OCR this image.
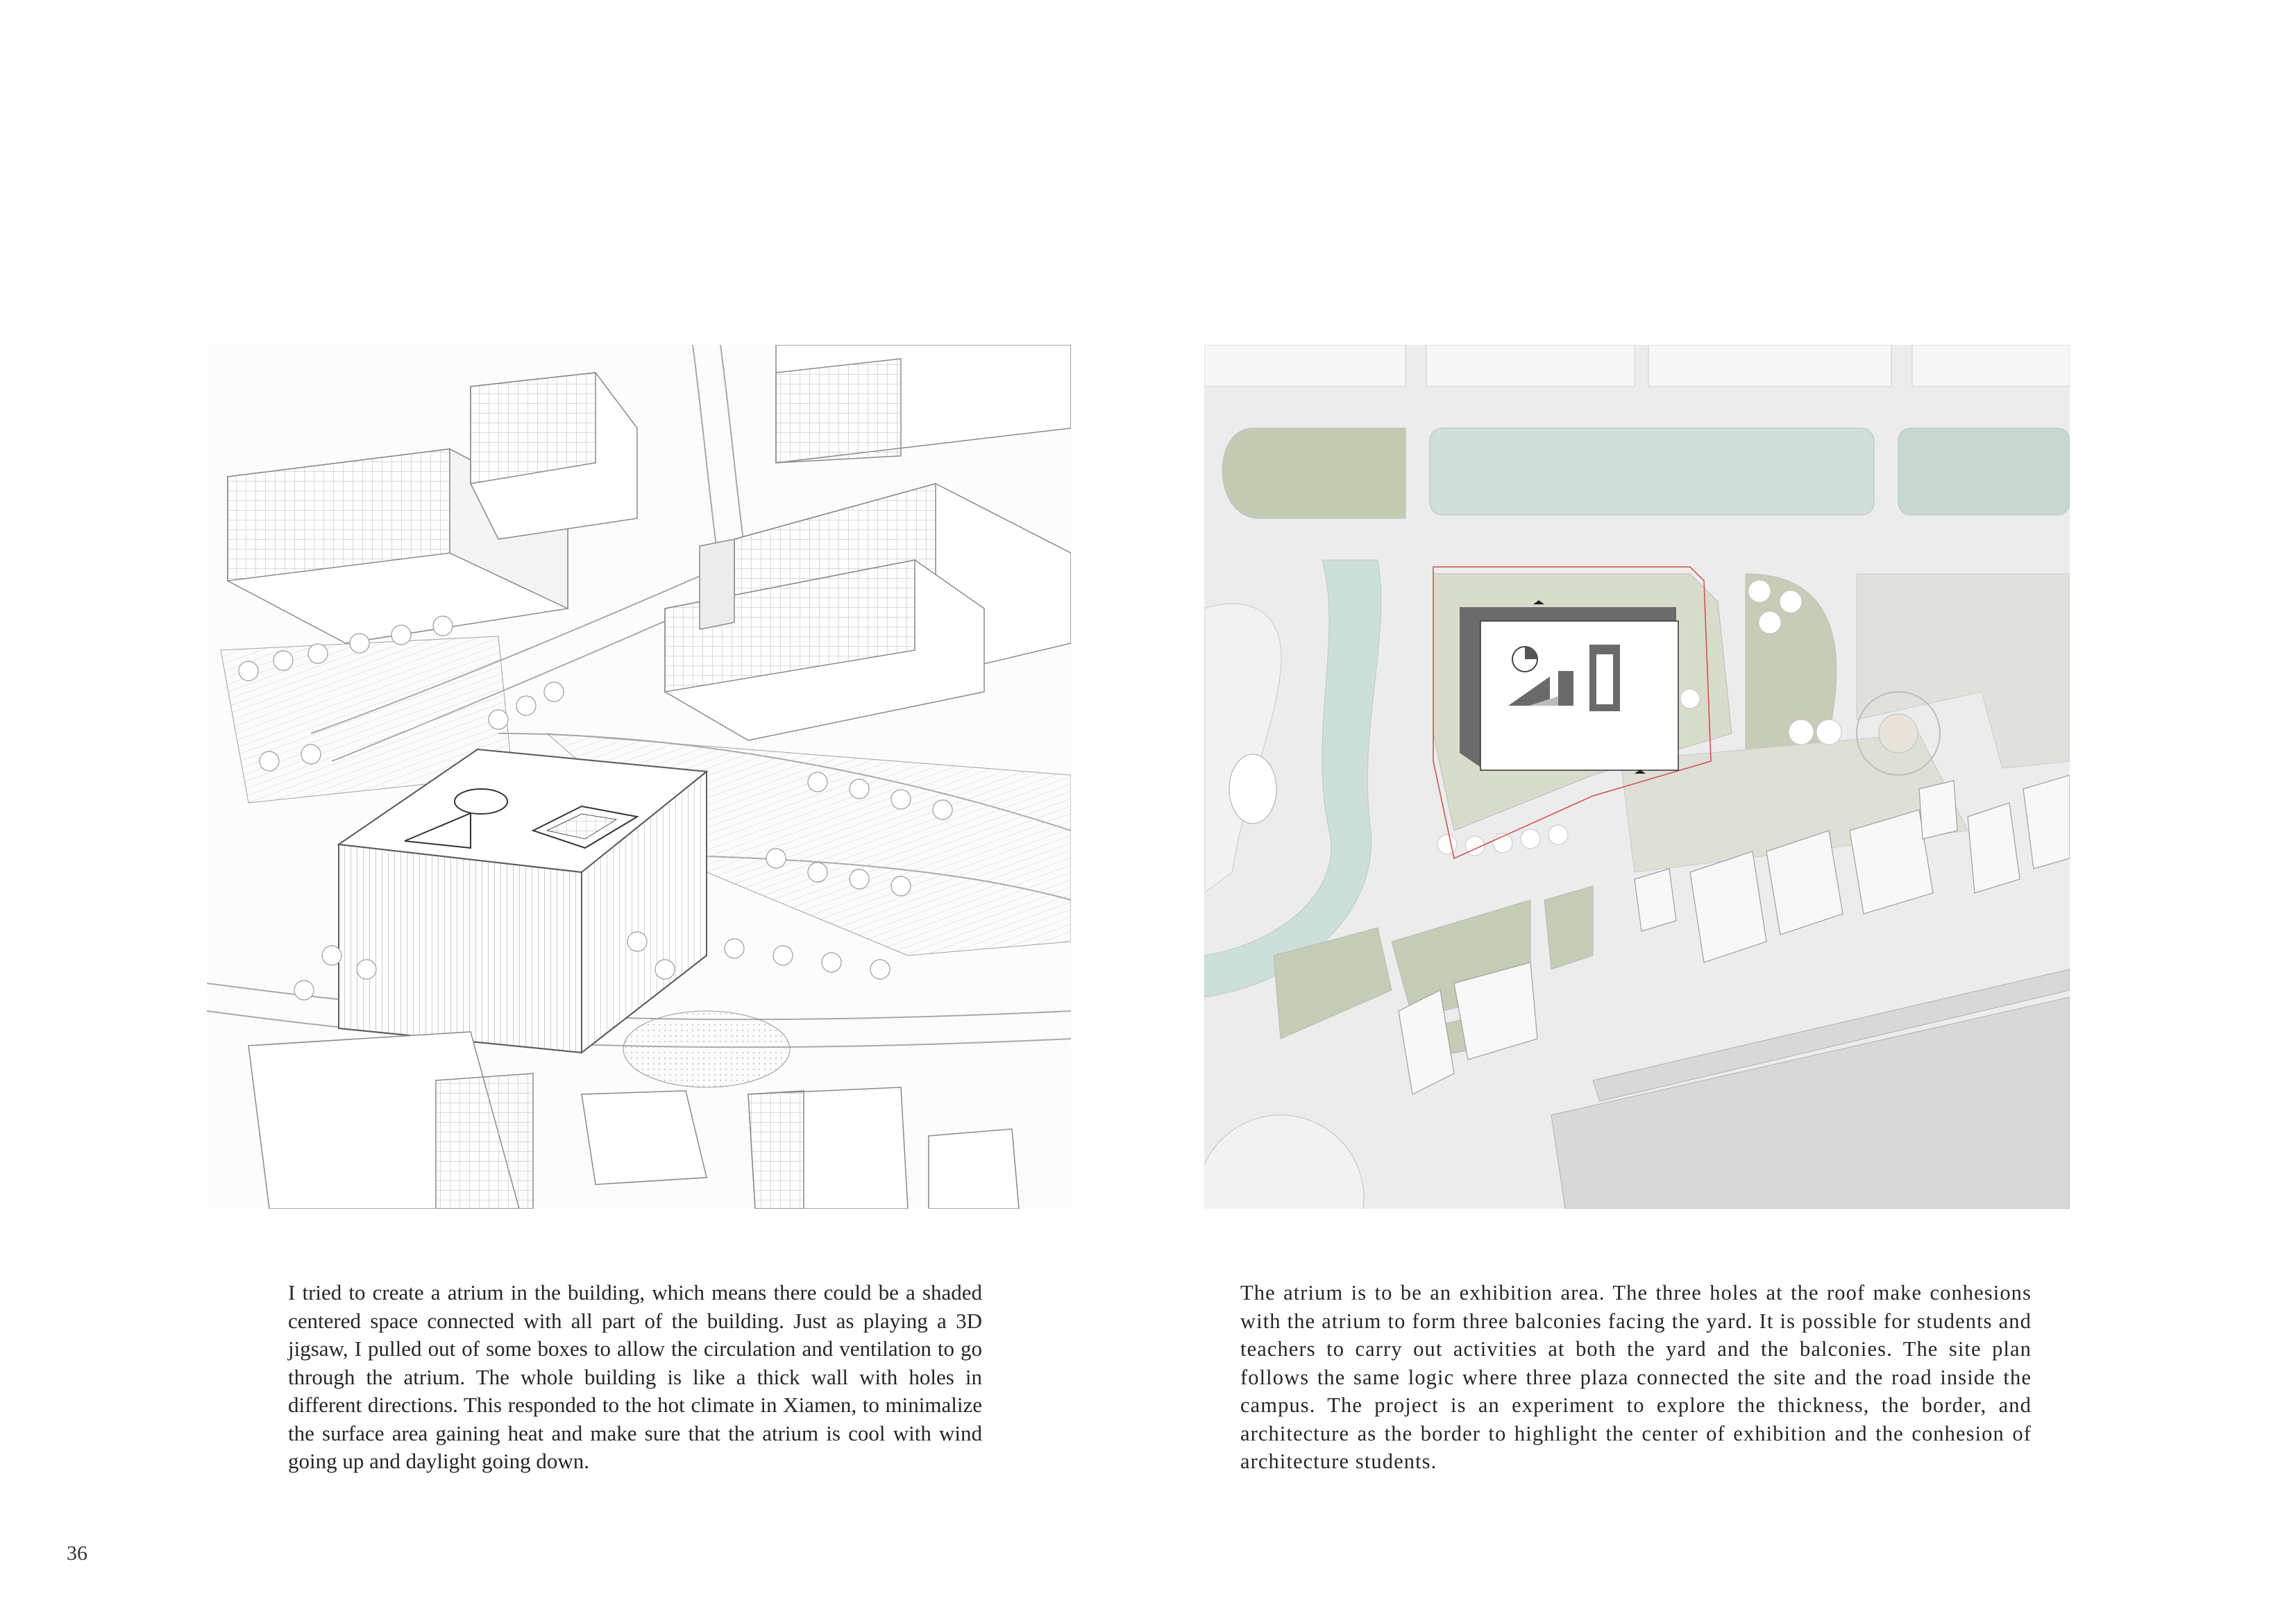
I tried to create a atrium in the building, which means there could be a shaded centered space connected with all part of the building. Just as playing a 3D jigsaw, I pulled out of some boxes to allow the circulation and ventilation to go through the atrium. The whole building is like a thick wall with holes in different directions. This responded to the hot climate in Xiamen, to minimalize the surface area gaining heat and make sure that the atrium is cool with wind going up and daylight going down.

The atrium is to be an exhibition area. The three holes at the roof make conhesions with the atrium to form three balconies facing the yard. It is possible for students and teachers to carry out activities at both the yard and the balconies. The site plan follows the same logic where three plaza connected the site and the road inside the campus. The project is an experiment to explore the thickness, the border, and architecture as the border to highlight the center of exhibition and the conhesion of architecture students.

36
